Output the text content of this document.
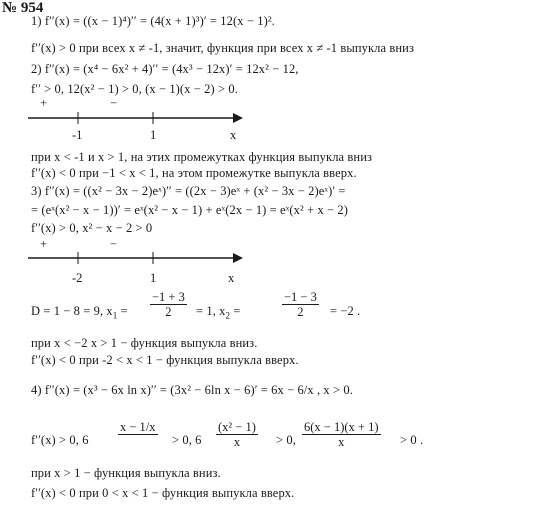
№ 954
1) f′′(x) = ((x − 1)⁴)′′ = (4(x + 1)³)′ = 12(x − 1)².
f′′(x) > 0 при всех x ≠ -1, значит, функция при всех x ≠ -1 выпукла вниз
2) f′′(x) = (x⁴ − 6x² + 4)′′ = (4x³ − 12x)′ = 12x² − 12,
f′′ > 0, 12(x² − 1) > 0, (x − 1)(x − 2) > 0.
+	−
-1	1	x
при x < -1 и x > 1, на этих промежутках функция выпукла вниз
f′′(x) < 0 при −1 < x < 1, на этом промежутке выпукла вверх.
3) f′′(x) = ((x² − 3x − 2)eˣ)′′ = ((2x − 3)eˣ + (x² − 3x − 2)eˣ)′ =
= (eˣ(x² − x − 1))′ = eˣ(x² − x − 1) + eˣ(2x − 1) = eˣ(x² + x − 2)
f′′(x) > 0, x² − x − 2 > 0
+	−
-2	1	x
D = 1 − 8 = 9, $x_1 = \frac{-1 + 3}{2} = 1$, $x_2$ =	$\frac{-1 - 3}{2} = -2$ .
при x < −2 x > 1 − функция выпукла вниз.
f′′(x) < 0 при -2 < x < 1 − функция выпукла вверх.
4) f′′(x) = (x³ − 6x ln x)′′ = (3x² − 6ln x − 6)′ = 6x − 6/x , x > 0.
f′′(x) > 0, 6
x − 1/x
> 0, $6 \frac{\text{(x² − 1)}}{x} > 0$, $\frac{6(x - 1)(x + 1)}{x} > 0$ .
при x > 1 − функция выпукла вниз.
f′′(x) < 0 при 0 < x < 1 − функция выпукла вверх.
